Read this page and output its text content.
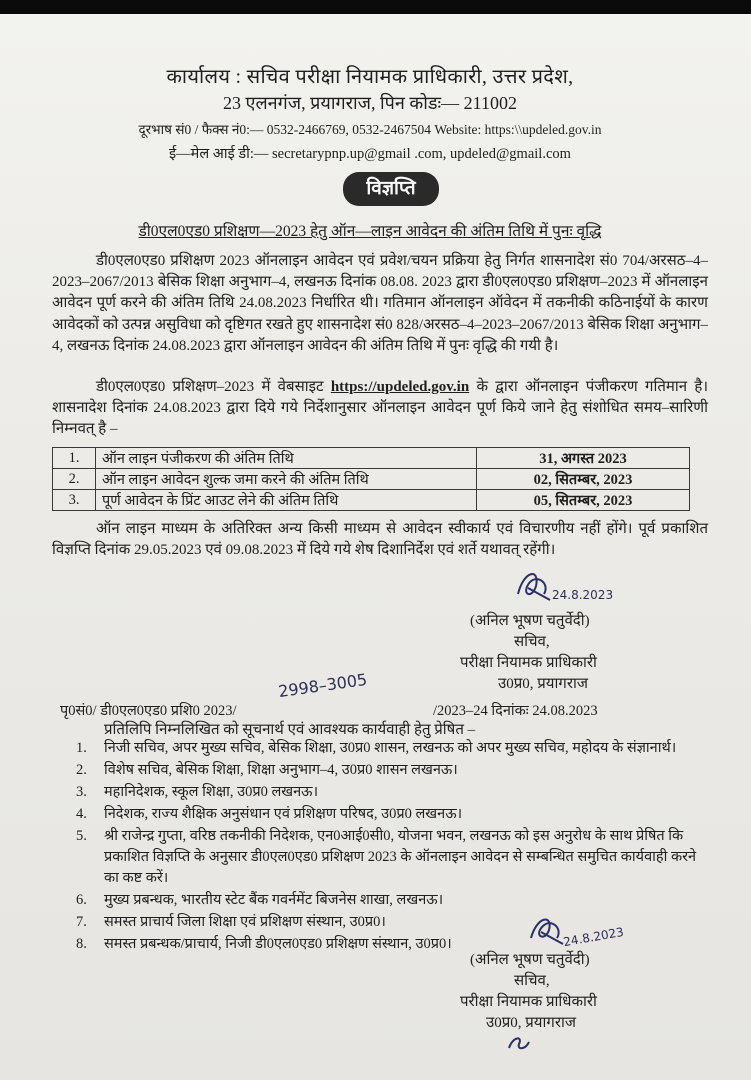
कार्यालय : सचिव परीक्षा नियामक प्राधिकारी, उत्तर प्रदेश,
23 एलनगंज, प्रयागराज, पिन कोडः— 211002
दूरभाष सं0 / फैक्स नं0:— 0532-2466769, 0532-2467504 Website: https:\\updeled.gov.in
ई—मेल आई डी:— secretarypnp.up@gmail .com, updeled@gmail.com
विज्ञप्ति
डी0एल0एड0 प्रशिक्षण—2023 हेतु ऑन—लाइन आवेदन की अंतिम तिथि में पुनः वृद्धि
डी0एल0एड0 प्रशिक्षण 2023 ऑनलाइन आवेदन एवं प्रवेश/चयन प्रक्रिया हेतु निर्गत शासनादेश सं0 704/अरसठ–4–2023–2067/2013 बेसिक शिक्षा अनुभाग–4, लखनऊ दिनांक 08.08. 2023 द्वारा डी0एल0एड0 प्रशिक्षण–2023 में ऑनलाइन आवेदन पूर्ण करने की अंतिम तिथि 24.08.2023 निर्धारित थी। गतिमान ऑनलाइन ऑवेदन में तकनीकी कठिनाईयों के कारण आवेदकों को उत्पन्न असुविधा को दृष्टिगत रखते हुए शासनादेश सं0 828/अरसठ–4–2023–2067/2013 बेसिक शिक्षा अनुभाग–4, लखनऊ दिनांक 24.08.2023 द्वारा ऑनलाइन आवेदन की अंतिम तिथि में पुनः वृद्धि की गयी है।
डी0एल0एड0 प्रशिक्षण–2023 में वेबसाइट https://updeled.gov.in के द्वारा ऑनलाइन पंजीकरण गतिमान है। शासनादेश दिनांक 24.08.2023 द्वारा दिये गये निर्देशानुसार ऑनलाइन आवेदन पूर्ण किये जाने हेतु संशोधित समय–सारिणी निम्नवत् है –
1.	ऑन लाइन पंजीकरण की अंतिम तिथि	31, अगस्त 2023
2.	ऑन लाइन आवेदन शुल्क जमा करने की अंतिम तिथि	02, सितम्बर, 2023
3.	पूर्ण आवेदन के प्रिंट आउट लेने की अंतिम तिथि	05, सितम्बर, 2023
ऑन लाइन माध्यम के अतिरिक्त अन्य किसी माध्यम से आवेदन स्वीकार्य एवं विचारणीय नहीं होंगे। पूर्व प्रकाशित विज्ञप्ति दिनांक 29.05.2023 एवं 09.08.2023 में दिये गये शेष दिशानिर्देश एवं शर्ते यथावत् रहेंगी।
24.8.2023
(अनिल भूषण चतुर्वेदी)
सचिव,
परीक्षा नियामक प्राधिकारी
उ0प्र0, प्रयागराज
पृ0सं0/ डी0एल0एड0 प्रशि0 2023/
2998–3005
/2023–24 दिनांकः 24.08.2023
प्रतिलिपि निम्नलिखित को सूचनार्थ एवं आवश्यक कार्यवाही हेतु प्रेषित –
1. निजी सचिव, अपर मुख्य सचिव, बेसिक शिक्षा, उ0प्र0 शासन, लखनऊ को अपर मुख्य सचिव, महोदय के संज्ञानार्थ।
2. विशेष सचिव, बेसिक शिक्षा, शिक्षा अनुभाग–4, उ0प्र0 शासन लखनऊ।
3. महानिदेशक, स्कूल शिक्षा, उ0प्र0 लखनऊ।
4. निदेशक, राज्य शैक्षिक अनुसंधान एवं प्रशिक्षण परिषद, उ0प्र0 लखनऊ।
5. श्री राजेन्द्र गुप्ता, वरिष्ठ तकनीकी निदेशक, एन0आई0सी0, योजना भवन, लखनऊ को इस अनुरोध के साथ प्रेषित कि प्रकाशित विज्ञप्ति के अनुसार डी0एल0एड0 प्रशिक्षण 2023 के ऑनलाइन आवेदन से सम्बन्धित समुचित कार्यवाही करने का कष्ट करें।
6. मुख्य प्रबन्धक, भारतीय स्टेट बैंक गवर्नमेंट बिजनेस शाखा, लखनऊ।
7. समस्त प्राचार्य जिला शिक्षा एवं प्रशिक्षण संस्थान, उ0प्र0।
8. समस्त प्रबन्धक/प्राचार्य, निजी डी0एल0एड0 प्रशिक्षण संस्थान, उ0प्र0।	24.8.2023
(अनिल भूषण चतुर्वेदी)
सचिव,
परीक्षा नियामक प्राधिकारी
उ0प्र0, प्रयागराज
